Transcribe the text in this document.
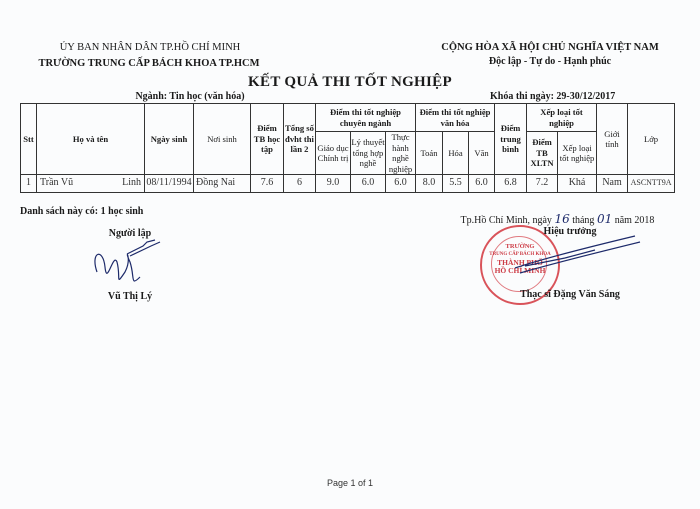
ỦY BAN NHÂN DÂN TP.HỒ CHÍ MINH
TRƯỜNG TRUNG CẤP BÁCH KHOA TP.HCM
CỘNG HÒA XÃ HỘI CHỦ NGHĨA VIỆT NAM
Độc lập - Tự do - Hạnh phúc
KẾT QUẢ THI TỐT NGHIỆP
Ngành: Tin học (văn hóa)	Khóa thi ngày: 29-30/12/2017
Stt	Họ và tên	Ngày sinh	Nơi sinh	Điểm TB học tập	Tổng số đvht thi lần 2	Điểm thi tốt nghiệp chuyên ngành			Điểm thi tốt nghiệp văn hóa			Điểm trung bình	Xếp loại tốt nghiệp		Giới tính	Lớp
						Giáo dục Chính trị	Lý thuyết tổng hợp nghề	Thực hành nghề nghiệp	Toán	Hóa	Văn		Điểm TB XLTN	Xếp loại tốt nghiệp		
1	Trần Vũ Linh	08/11/1994	Đồng Nai	7.6	6	9.0	6.0	6.0	8.0	5.5	6.0	6.8	7.2	Khá	Nam	ASCNTT9A
Danh sách này có: 1 học sinh
Người lập
Vũ Thị Lý
Tp.Hồ Chí Minh, ngày 16 tháng 01 năm 2018
TRƯỜNG
TRUNG CẤP BÁCH KHOA
THÀNH PHỐ
HỒ CHÍ MINH
Hiệu trưởng
Thạc sĩ Đặng Văn Sáng
Page 1 of 1
